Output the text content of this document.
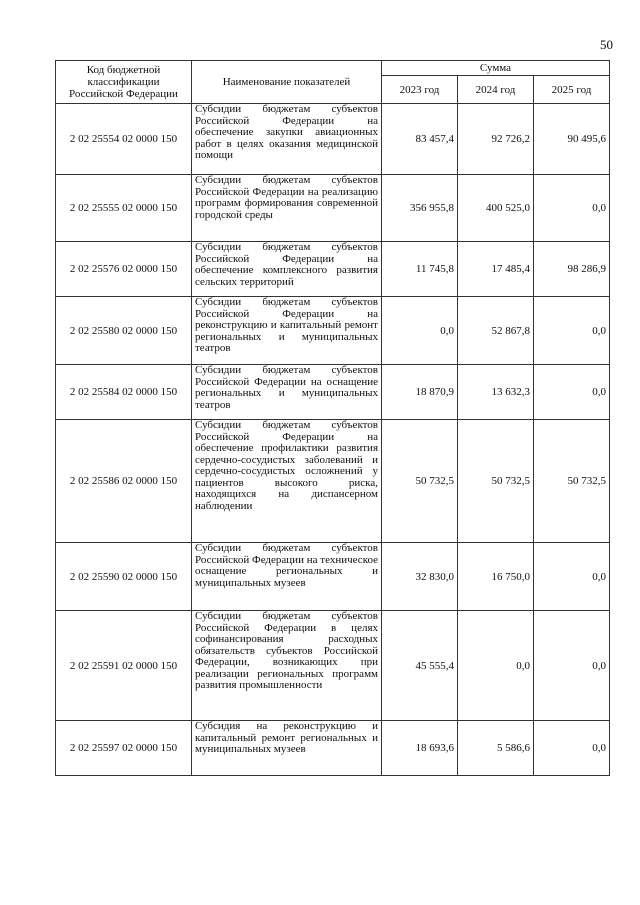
50
Код бюджетной классификации Российской Федерации	Наименование показателей	Сумма		
		2023 год	2024 год	2025 год
2 02 25554 02 0000 150	Субсидии бюджетам субъектов Российской Федерации на обеспечение закупки авиационных работ в целях оказания медицинской помощи	83 457,4	92 726,2	90 495,6
2 02 25555 02 0000 150	Субсидии бюджетам субъектов Российской Федерации на реализацию программ формирования современной городской среды	356 955,8	400 525,0	0,0
2 02 25576 02 0000 150	Субсидии бюджетам субъектов Российской Федерации на обеспечение комплексного развития сельских территорий	11 745,8	17 485,4	98 286,9
2 02 25580 02 0000 150	Субсидии бюджетам субъектов Российской Федерации на реконструкцию и капитальный ремонт региональных и муниципальных театров	0,0	52 867,8	0,0
2 02 25584 02 0000 150	Субсидии бюджетам субъектов Российской Федерации на оснащение региональных и муниципальных театров	18 870,9	13 632,3	0,0
2 02 25586 02 0000 150	Субсидии бюджетам субъектов Российской Федерации на обеспечение профилактики развития сердечно-сосудистых заболеваний и сердечно-сосудистых осложнений у пациентов высокого риска, находящихся на диспансерном наблюдении	50 732,5	50 732,5	50 732,5
2 02 25590 02 0000 150	Субсидии бюджетам субъектов Российской Федерации на техническое оснащение региональных и муниципальных музеев	32 830,0	16 750,0	0,0
2 02 25591 02 0000 150	Субсидии бюджетам субъектов Российской Федерации в целях софинансирования расходных обязательств субъектов Российской Федерации, возникающих при реализации региональных программ развития промышленности	45 555,4	0,0	0,0
2 02 25597 02 0000 150	Субсидия на реконструкцию и капитальный ремонт региональных и муниципальных музеев	18 693,6	5 586,6	0,0
